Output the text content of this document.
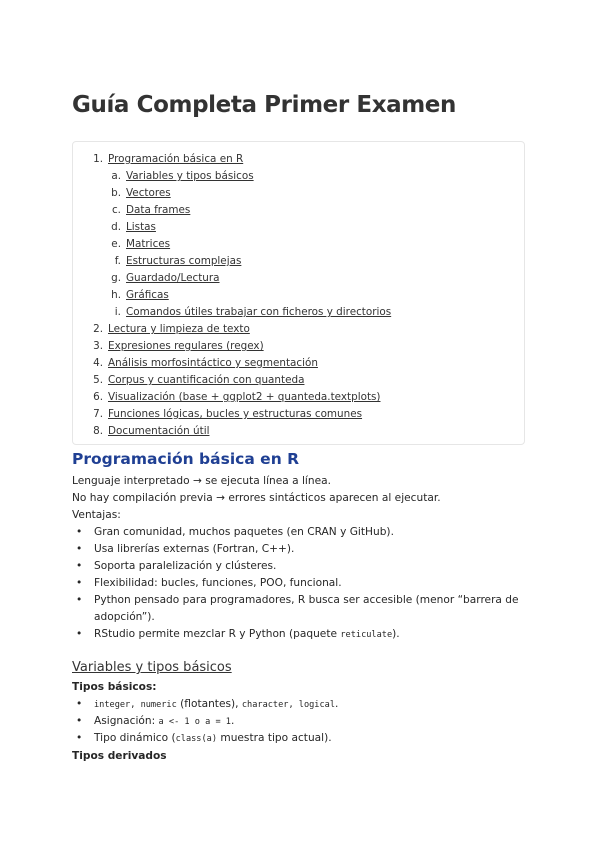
Guía Completa Primer Examen
1. Programación básica en R
a. Variables y tipos básicos
b. Vectores
c. Data frames
d. Listas
e. Matrices
f. Estructuras complejas
g. Guardado/Lectura
h. Gráficas
i. Comandos útiles trabajar con ficheros y directorios
2. Lectura y limpieza de texto
3. Expresiones regulares (regex)
4. Análisis morfosintáctico y segmentación
5. Corpus y cuantificación con quanteda
6. Visualización (base + ggplot2 + quanteda.textplots)
7. Funciones lógicas, bucles y estructuras comunes
8. Documentación útil
Programación básica en R
Lenguaje interpretado → se ejecuta línea a línea.
No hay compilación previa → errores sintácticos aparecen al ejecutar.
Ventajas:
• Gran comunidad, muchos paquetes (en CRAN y GitHub).
• Usa librerías externas (Fortran, C++).
• Soporta paralelización y clústeres.
• Flexibilidad: bucles, funciones, POO, funcional.
• Python pensado para programadores, R busca ser accesible (menor “barrera de
adopción”).
• RStudio permite mezclar R y Python (paquete reticulate).
Variables y tipos básicos
Tipos básicos:
• integer, numeric (flotantes), character, logical.
• Asignación: a <- 1 o a = 1.
• Tipo dinámico (class(a) muestra tipo actual).
Tipos derivados
